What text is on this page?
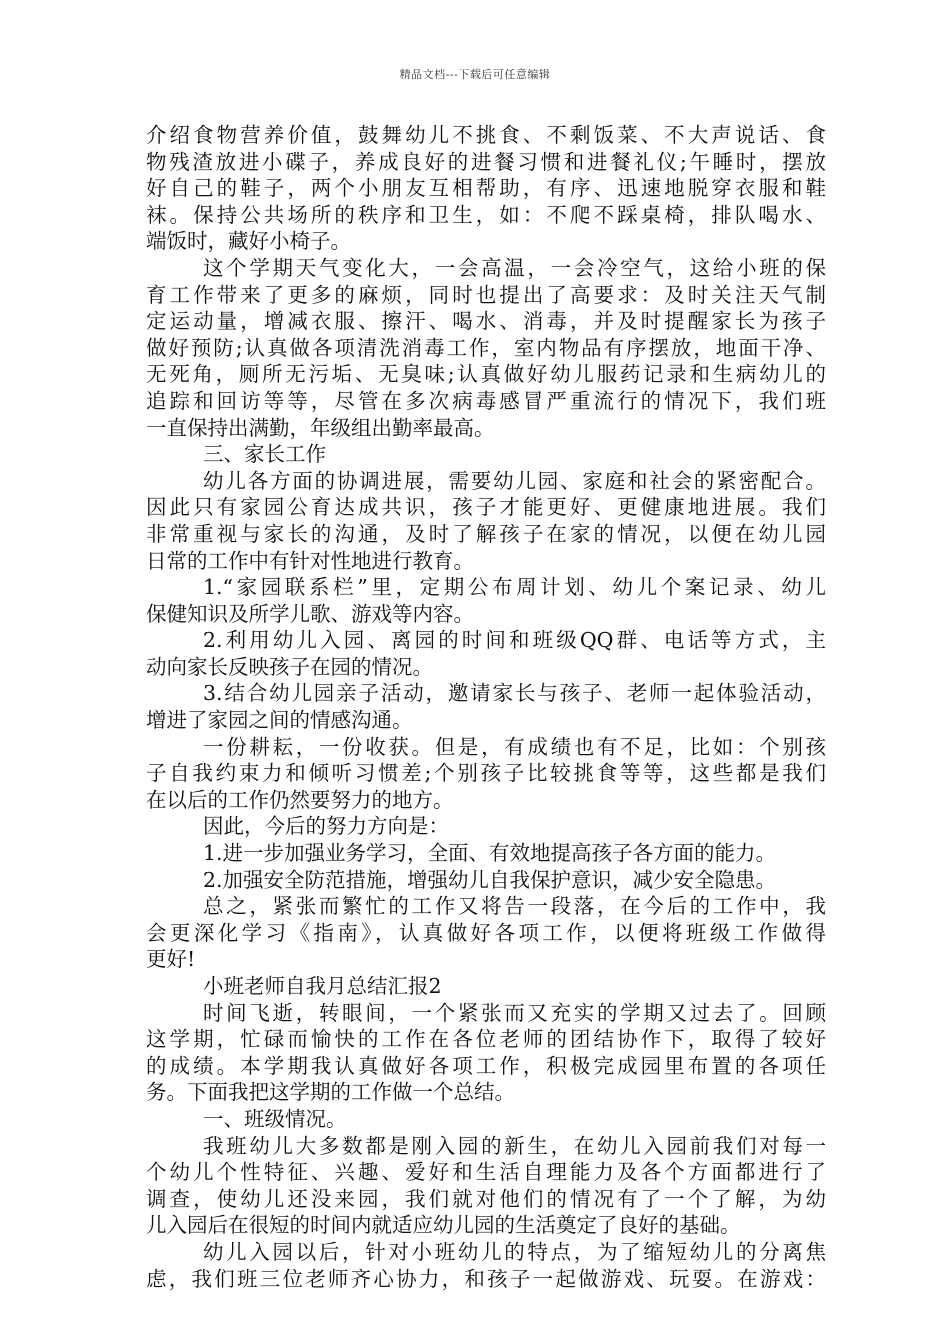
精品文档---下载后可任意编辑
介绍食物营养价值，鼓舞幼儿不挑食、不剩饭菜、不大声说话、食
物残渣放进小碟子，养成良好的进餐习惯和进餐礼仪;午睡时，摆放
好自己的鞋子，两个小朋友互相帮助，有序、迅速地脱穿衣服和鞋
袜。保持公共场所的秩序和卫生，如：不爬不踩桌椅，排队喝水、
端饭时，藏好小椅子。
这个学期天气变化大，一会高温，一会冷空气，这给小班的保
育工作带来了更多的麻烦，同时也提出了高要求：及时关注天气制
定运动量，增减衣服、擦汗、喝水、消毒，并及时提醒家长为孩子
做好预防;认真做各项清洗消毒工作，室内物品有序摆放，地面干净、
无死角，厕所无污垢、无臭味;认真做好幼儿服药记录和生病幼儿的
追踪和回访等等，尽管在多次病毒感冒严重流行的情况下，我们班
一直保持出满勤，年级组出勤率最高。
三、家长工作
幼儿各方面的协调进展，需要幼儿园、家庭和社会的紧密配合。
因此只有家园公育达成共识，孩子才能更好、更健康地进展。我们
非常重视与家长的沟通，及时了解孩子在家的情况，以便在幼儿园
日常的工作中有针对性地进行教育。
1.“家园联系栏”里，定期公布周计划、幼儿个案记录、幼儿
保健知识及所学儿歌、游戏等内容。
2.利用幼儿入园、离园的时间和班级QQ群、电话等方式，主
动向家长反映孩子在园的情况。
3.结合幼儿园亲子活动，邀请家长与孩子、老师一起体验活动，
增进了家园之间的情感沟通。
一份耕耘，一份收获。但是，有成绩也有不足，比如：个别孩
子自我约束力和倾听习惯差;个别孩子比较挑食等等，这些都是我们
在以后的工作仍然要努力的地方。
因此，今后的努力方向是：
1.进一步加强业务学习，全面、有效地提高孩子各方面的能力。
2.加强安全防范措施，增强幼儿自我保护意识，减少安全隐患。
总之，紧张而繁忙的工作又将告一段落，在今后的工作中，我
会更深化学习《指南》，认真做好各项工作，以便将班级工作做得
更好!
小班老师自我月总结汇报2
时间飞逝，转眼间，一个紧张而又充实的学期又过去了。回顾
这学期，忙碌而愉快的工作在各位老师的团结协作下，取得了较好
的成绩。本学期我认真做好各项工作，积极完成园里布置的各项任
务。下面我把这学期的工作做一个总结。
一、班级情况。
我班幼儿大多数都是刚入园的新生，在幼儿入园前我们对每一
个幼儿个性特征、兴趣、爱好和生活自理能力及各个方面都进行了
调查，使幼儿还没来园，我们就对他们的情况有了一个了解，为幼
儿入园后在很短的时间内就适应幼儿园的生活奠定了良好的基础。
幼儿入园以后，针对小班幼儿的特点，为了缩短幼儿的分离焦
虑，我们班三位老师齐心协力，和孩子一起做游戏、玩耍。在游戏：
